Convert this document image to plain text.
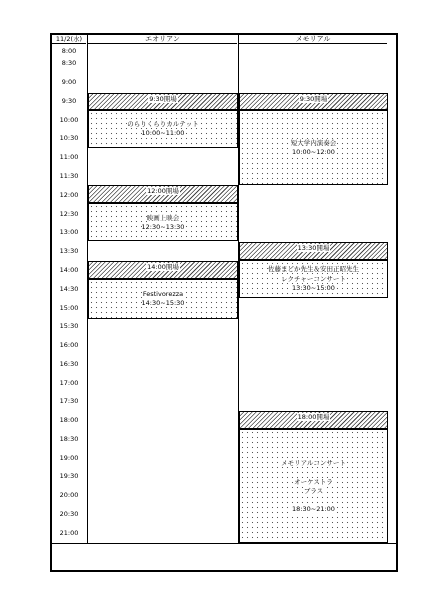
11/2(水)	エオリアン	メモリアル
9:30開場
のらりくらりカルテット
10:00~11:00
12:00開場
映画上映会
12:30~13:30
14:00開場
Festivorezza
14:30~15:30
9:30開場
短大学内演奏会
10:00~12:00
13:30開場
佐藤まどか先生＆安田正昭先生
レクチャーコンサート
13:30~15:00
18:00開場
メモリアルコンサート
オーケストラ
ブラス
18:30~21:00
8:00
8:30
9:00
9:30
10:00
10:30
11:00
11:30
12:00
12:30
13:00
13:30
14:00
14:30
15:00
15:30
16:00
16:30
17:00
17:30
18:00
18:30
19:00
19:30
20:00
20:30
21:00
